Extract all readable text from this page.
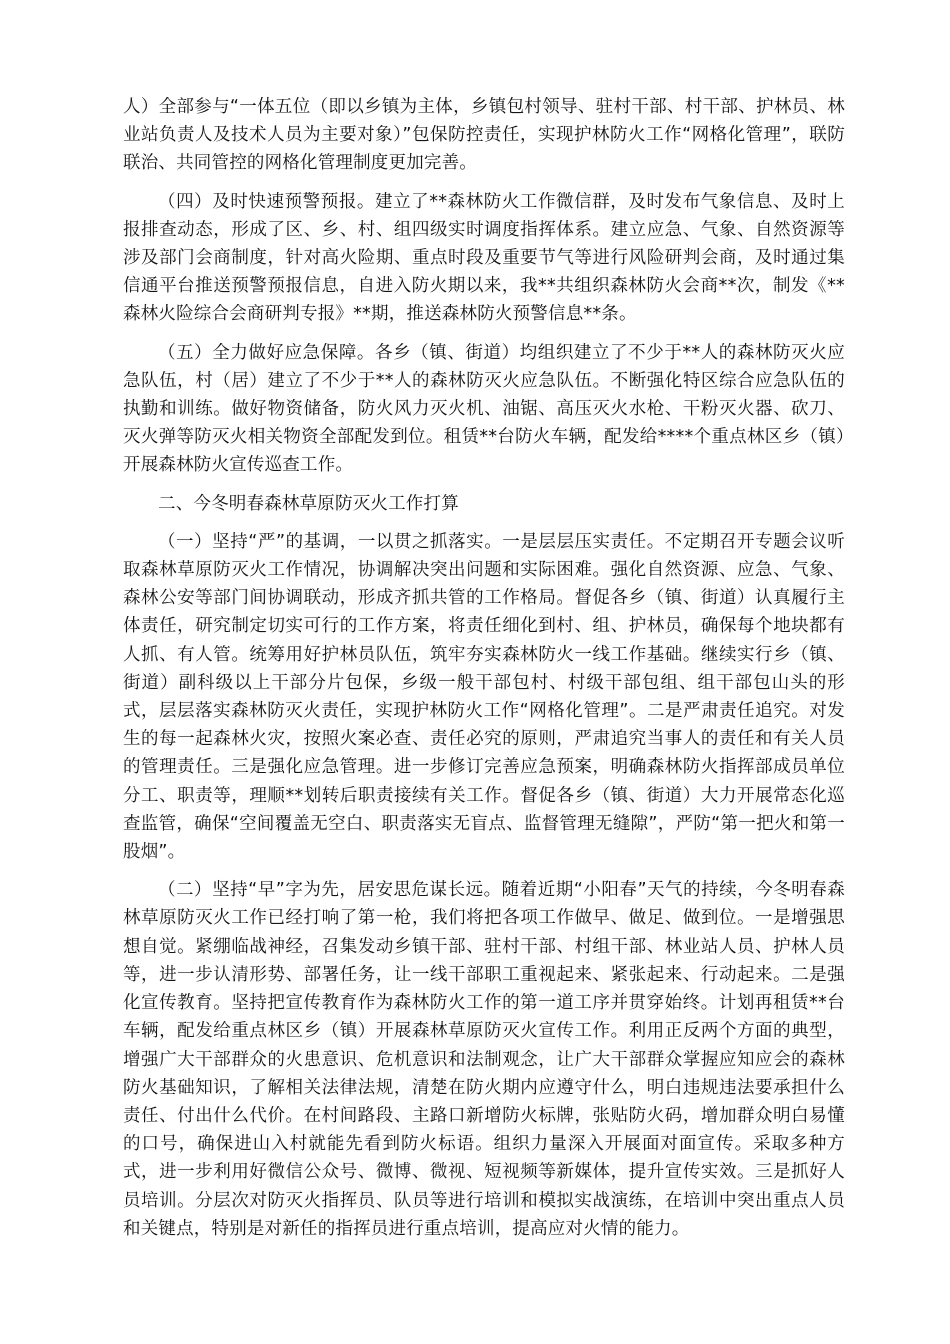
人）全部参与“一体五位（即以乡镇为主体，乡镇包村领导、驻村干部、村干部、护林员、林业站负责人及技术人员为主要对象）”包保防控责任，实现护林防火工作“网格化管理”，联防联治、共同管控的网格化管理制度更加完善。

（四）及时快速预警预报。建立了**森林防火工作微信群，及时发布气象信息、及时上报排查动态，形成了区、乡、村、组四级实时调度指挥体系。建立应急、气象、自然资源等涉及部门会商制度，针对高火险期、重点时段及重要节气等进行风险研判会商，及时通过集信通平台推送预警预报信息，自进入防火期以来，我**共组织森林防火会商**次，制发《**森林火险综合会商研判专报》**期，推送森林防火预警信息**条。

（五）全力做好应急保障。各乡（镇、街道）均组织建立了不少于**人的森林防灭火应急队伍，村（居）建立了不少于**人的森林防灭火应急队伍。不断强化特区综合应急队伍的执勤和训练。做好物资储备，防火风力灭火机、油锯、高压灭火水枪、干粉灭火器、砍刀、灭火弹等防灭火相关物资全部配发到位。租赁**台防火车辆，配发给****个重点林区乡（镇）开展森林防火宣传巡查工作。

二、今冬明春森林草原防灭火工作打算

（一）坚持“严”的基调，一以贯之抓落实。一是层层压实责任。不定期召开专题会议听取森林草原防灭火工作情况，协调解决突出问题和实际困难。强化自然资源、应急、气象、森林公安等部门间协调联动，形成齐抓共管的工作格局。督促各乡（镇、街道）认真履行主体责任，研究制定切实可行的工作方案，将责任细化到村、组、护林员，确保每个地块都有人抓、有人管。统筹用好护林员队伍，筑牢夯实森林防火一线工作基础。继续实行乡（镇、街道）副科级以上干部分片包保，乡级一般干部包村、村级干部包组、组干部包山头的形式，层层落实森林防灭火责任，实现护林防火工作“网格化管理”。二是严肃责任追究。对发生的每一起森林火灾，按照火案必查、责任必究的原则，严肃追究当事人的责任和有关人员的管理责任。三是强化应急管理。进一步修订完善应急预案，明确森林防火指挥部成员单位分工、职责等，理顺**划转后职责接续有关工作。督促各乡（镇、街道）大力开展常态化巡查监管，确保“空间覆盖无空白、职责落实无盲点、监督管理无缝隙”，严防“第一把火和第一股烟”。

（二）坚持“早”字为先，居安思危谋长远。随着近期“小阳春”天气的持续，今冬明春森林草原防灭火工作已经打响了第一枪，我们将把各项工作做早、做足、做到位。一是增强思想自觉。紧绷临战神经，召集发动乡镇干部、驻村干部、村组干部、林业站人员、护林人员等，进一步认清形势、部署任务，让一线干部职工重视起来、紧张起来、行动起来。二是强化宣传教育。坚持把宣传教育作为森林防火工作的第一道工序并贯穿始终。计划再租赁**台车辆，配发给重点林区乡（镇）开展森林草原防灭火宣传工作。利用正反两个方面的典型，增强广大干部群众的火患意识、危机意识和法制观念，让广大干部群众掌握应知应会的森林防火基础知识，了解相关法律法规，清楚在防火期内应遵守什么，明白违规违法要承担什么责任、付出什么代价。在村间路段、主路口新增防火标牌，张贴防火码，增加群众明白易懂的口号，确保进山入村就能先看到防火标语。组织力量深入开展面对面宣传。采取多种方式，进一步利用好微信公众号、微博、微视、短视频等新媒体，提升宣传实效。三是抓好人员培训。分层次对防灭火指挥员、队员等进行培训和模拟实战演练，在培训中突出重点人员和关键点，特别是对新任的指挥员进行重点培训，提高应对火情的能力。
